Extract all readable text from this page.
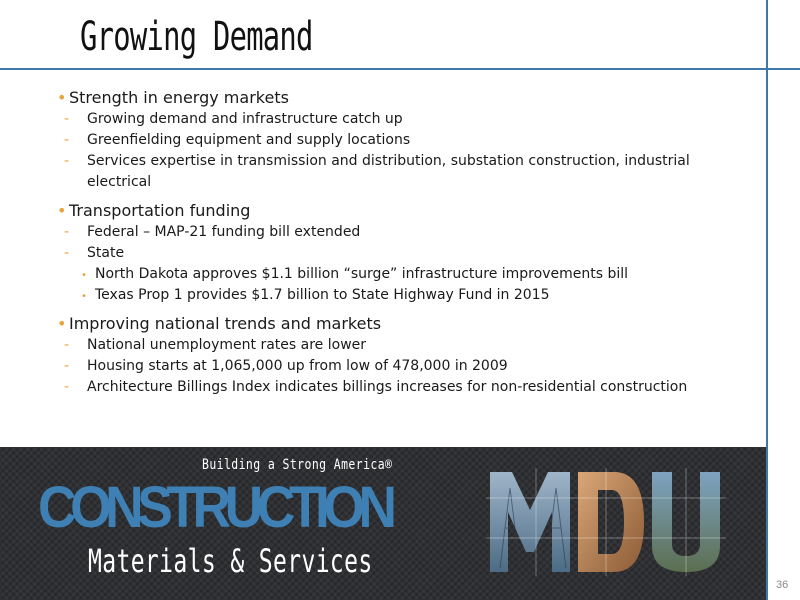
Growing Demand
• Strength in energy markets
- Growing demand and infrastructure catch up
- Greenfielding equipment and supply locations
- Services expertise in transmission and distribution, substation construction, industrial electrical
• Transportation funding
- Federal – MAP-21 funding bill extended
- State
• North Dakota approves $1.1 billion “surge” infrastructure improvements bill
• Texas Prop 1 provides $1.7 billion to State Highway Fund in 2015
• Improving national trends and markets
- National unemployment rates are lower
- Housing starts at 1,065,000 up from low of 478,000 in 2009
- Architecture Billings Index indicates billings increases for non-residential construction
Building a Strong America®
CONSTRUCTION
Materials & Services
36
